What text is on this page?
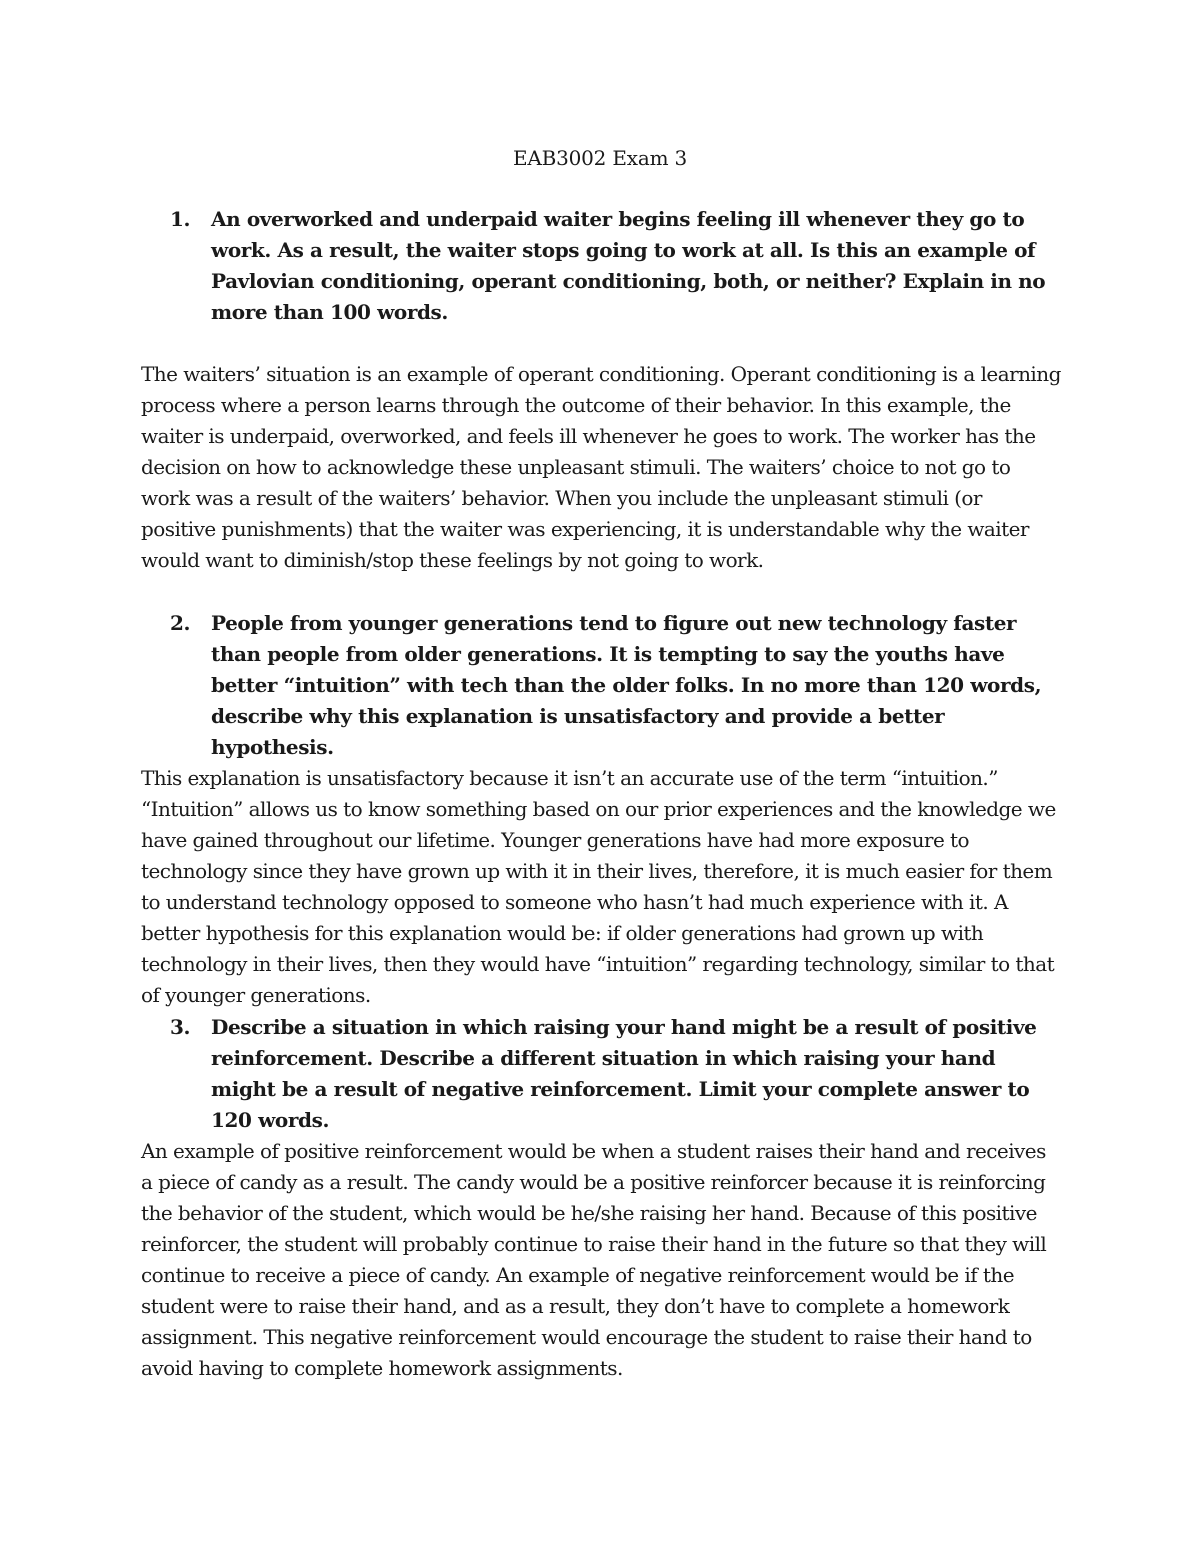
EAB3002 Exam 3
1.	An overworked and underpaid waiter begins feeling ill whenever they go to work. As a result, the waiter stops going to work at all. Is this an example of Pavlovian conditioning, operant conditioning, both, or neither? Explain in no more than 100 words.

The waiters’ situation is an example of operant conditioning. Operant conditioning is a learning process where a person learns through the outcome of their behavior. In this example, the waiter is underpaid, overworked, and feels ill whenever he goes to work. The worker has the decision on how to acknowledge these unpleasant stimuli. The waiters’ choice to not go to work was a result of the waiters’ behavior. When you include the unpleasant stimuli (or positive punishments) that the waiter was experiencing, it is understandable why the waiter would want to diminish/stop these feelings by not going to work.

2.	People from younger generations tend to figure out new technology faster than people from older generations. It is tempting to say the youths have better “intuition” with tech than the older folks. In no more than 120 words, describe why this explanation is unsatisfactory and provide a better hypothesis.

This explanation is unsatisfactory because it isn’t an accurate use of the term “intuition.” “Intuition” allows us to know something based on our prior experiences and the knowledge we have gained throughout our lifetime. Younger generations have had more exposure to technology since they have grown up with it in their lives, therefore, it is much easier for them to understand technology opposed to someone who hasn’t had much experience with it. A better hypothesis for this explanation would be: if older generations had grown up with technology in their lives, then they would have “intuition” regarding technology, similar to that of younger generations.

3.	Describe a situation in which raising your hand might be a result of positive reinforcement. Describe a different situation in which raising your hand might be a result of negative reinforcement. Limit your complete answer to 120 words.

An example of positive reinforcement would be when a student raises their hand and receives a piece of candy as a result. The candy would be a positive reinforcer because it is reinforcing the behavior of the student, which would be he/she raising her hand. Because of this positive reinforcer, the student will probably continue to raise their hand in the future so that they will continue to receive a piece of candy. An example of negative reinforcement would be if the student were to raise their hand, and as a result, they don’t have to complete a homework assignment. This negative reinforcement would encourage the student to raise their hand to avoid having to complete homework assignments.
